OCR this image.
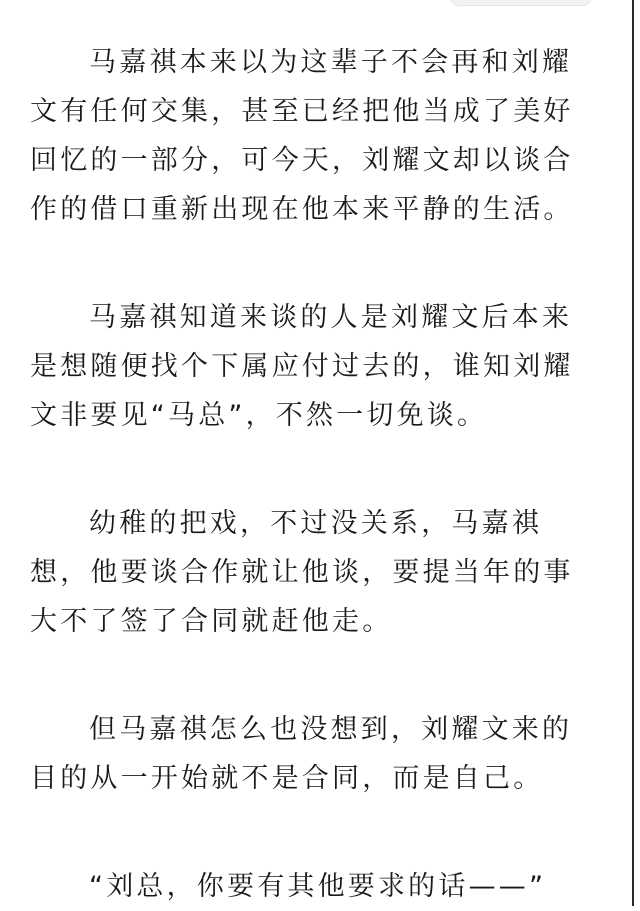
马嘉祺本来以为这辈子不会再和刘耀文有任何交集，甚至已经把他当成了美好回忆的一部分，可今天，刘耀文却以谈合作的借口重新出现在他本来平静的生活。

马嘉祺知道来谈的人是刘耀文后本来是想随便找个下属应付过去的，谁知刘耀文非要见“马总”，不然一切免谈。

幼稚的把戏，不过没关系，马嘉祺想，他要谈合作就让他谈，要提当年的事大不了签了合同就赶他走。

但马嘉祺怎么也没想到，刘耀文来的目的从一开始就不是合同，而是自己。

“刘总，你要有其他要求的话——”
